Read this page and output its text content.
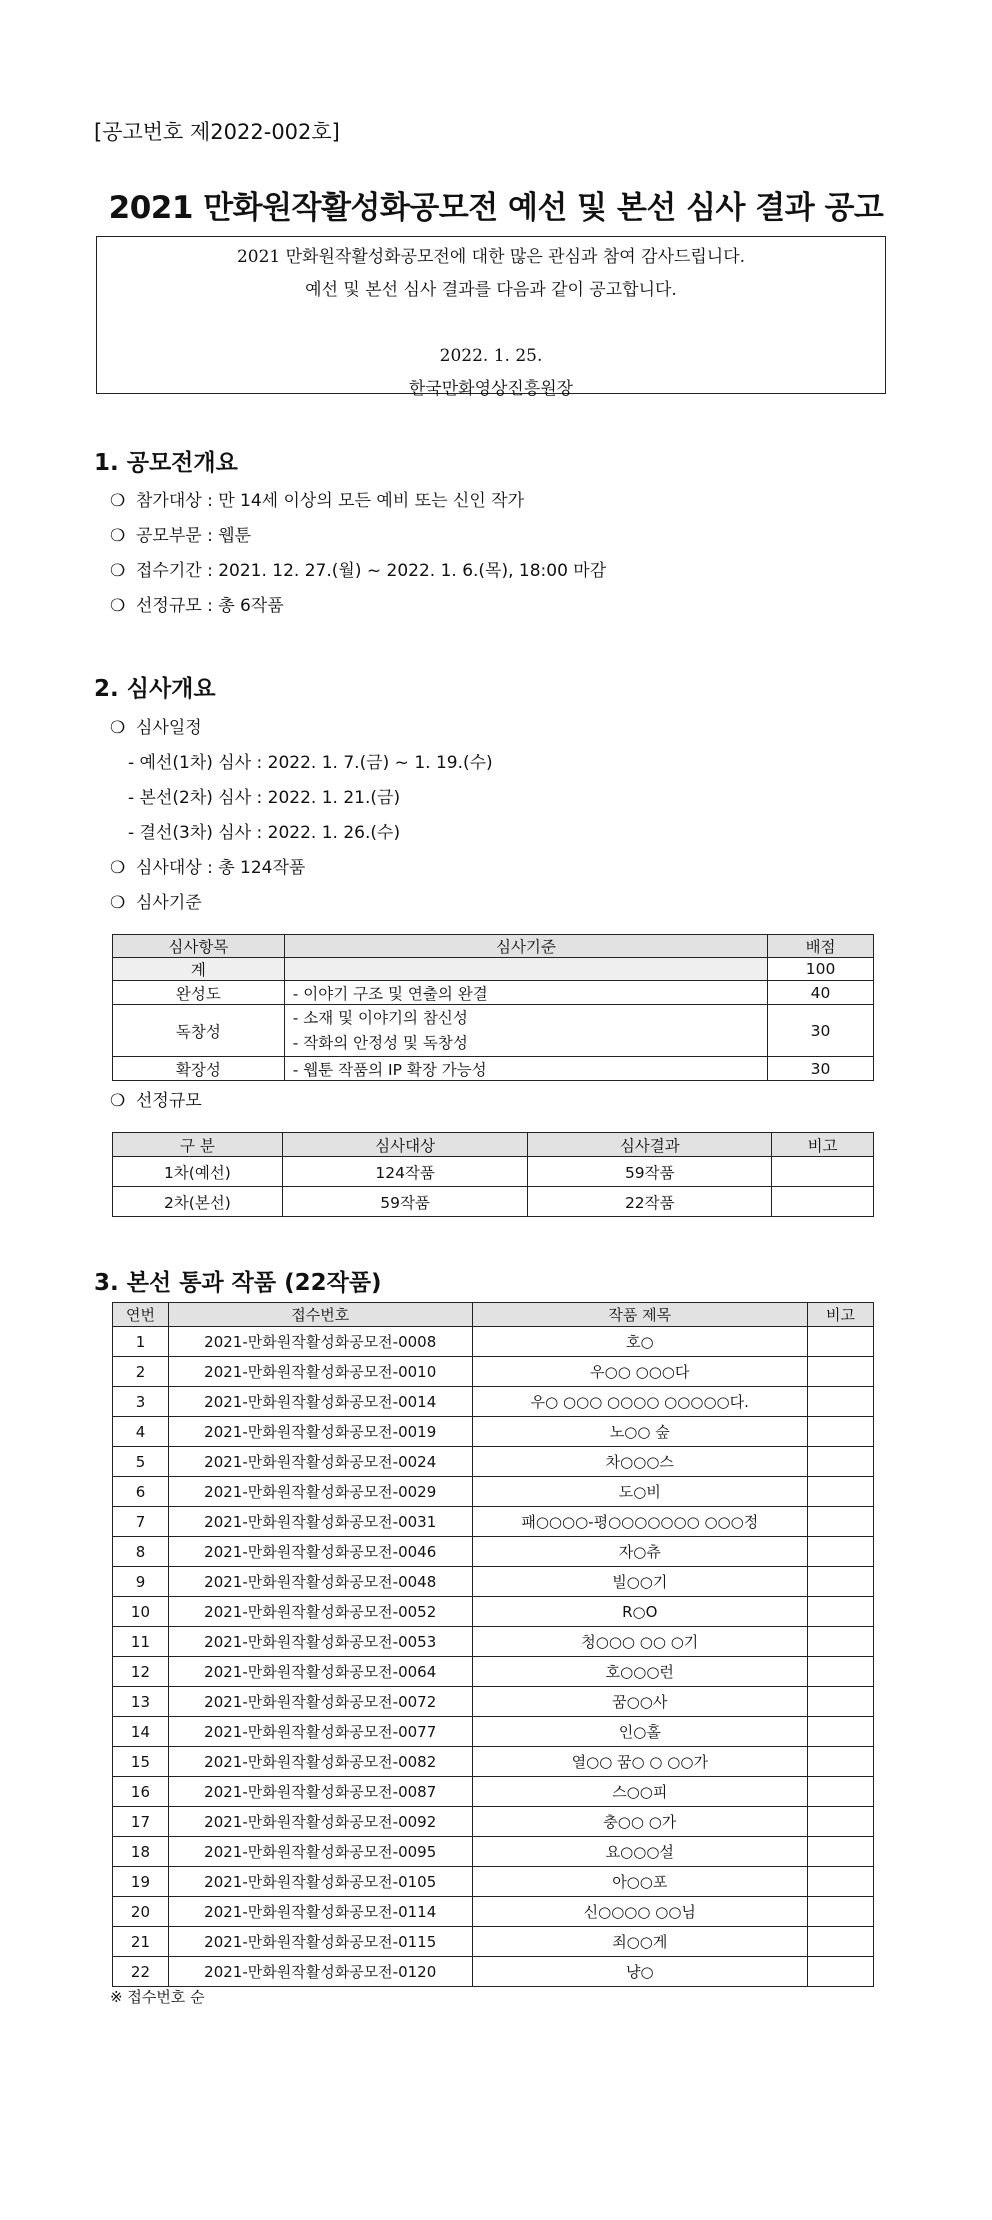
[공고번호 제2022-002호]
2021 만화원작활성화공모전 예선 및 본선 심사 결과 공고
2021 만화원작활성화공모전에 대한 많은 관심과 참여 감사드립니다.
예선 및 본선 심사 결과를 다음과 같이 공고합니다.
2022. 1. 25.
한국만화영상진흥원장
1. 공모전개요
❍ 참가대상 : 만 14세 이상의 모든 예비 또는 신인 작가
❍ 공모부문 : 웹툰
❍ 접수기간 : 2021. 12. 27.(월) ~ 2022. 1. 6.(목), 18:00 마감
❍ 선정규모 : 총 6작품
2. 심사개요
❍ 심사일정
- 예선(1차) 심사 : 2022. 1. 7.(금) ~ 1. 19.(수)
- 본선(2차) 심사 : 2022. 1. 21.(금)
- 결선(3차) 심사 : 2022. 1. 26.(수)
❍ 심사대상 : 총 124작품
❍ 심사기준
심사항목	심사기준	배점
계		100
완성도	- 이야기 구조 및 연출의 완결	40
독창성	- 소재 및 이야기의 참신성
- 작화의 안정성 및 독창성	30
확장성	- 웹툰 작품의 IP 확장 가능성	30
❍ 선정규모
구 분	심사대상	심사결과	비고
1차(예선)	124작품	59작품	
2차(본선)	59작품	22작품	
3. 본선 통과 작품 (22작품)
연번	접수번호	작품 제목	비고
1	2021-만화원작활성화공모전-0008	호○	
2	2021-만화원작활성화공모전-0010	우○○ ○○○다	
3	2021-만화원작활성화공모전-0014	우○ ○○○ ○○○○ ○○○○○다.	
4	2021-만화원작활성화공모전-0019	노○○ 숲	
5	2021-만화원작활성화공모전-0024	차○○○스	
6	2021-만화원작활성화공모전-0029	도○비	
7	2021-만화원작활성화공모전-0031	패○○○○-평○○○○○○○ ○○○정	
8	2021-만화원작활성화공모전-0046	자○츄	
9	2021-만화원작활성화공모전-0048	빌○○기	
10	2021-만화원작활성화공모전-0052	R○O	
11	2021-만화원작활성화공모전-0053	청○○○ ○○ ○기	
12	2021-만화원작활성화공모전-0064	호○○○런	
13	2021-만화원작활성화공모전-0072	꿈○○사	
14	2021-만화원작활성화공모전-0077	인○홀	
15	2021-만화원작활성화공모전-0082	열○○ 꿈○ ○ ○○가	
16	2021-만화원작활성화공모전-0087	스○○피	
17	2021-만화원작활성화공모전-0092	충○○ ○가	
18	2021-만화원작활성화공모전-0095	요○○○설	
19	2021-만화원작활성화공모전-0105	아○○포	
20	2021-만화원작활성화공모전-0114	신○○○○ ○○님	
21	2021-만화원작활성화공모전-0115	죄○○게	
22	2021-만화원작활성화공모전-0120	냥○	
※ 접수번호 순
